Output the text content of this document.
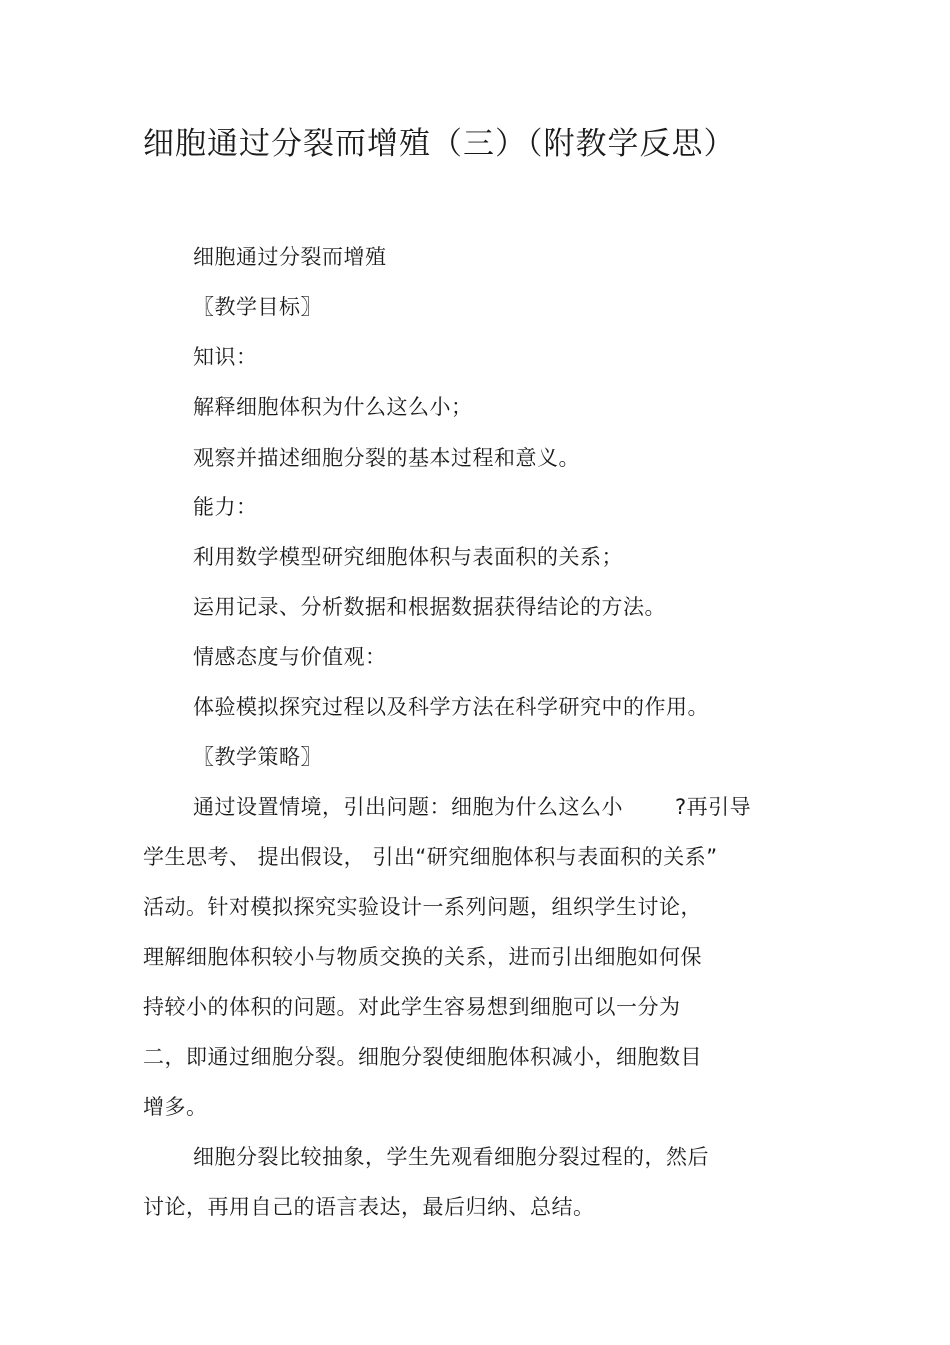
细胞通过分裂而增殖（三）（附教学反思）
细胞通过分裂而增殖
〖教学目标〗
知识：
解释细胞体积为什么这么小；
观察并描述细胞分裂的基本过程和意义。
能力：
利用数学模型研究细胞体积与表面积的关系；
运用记录、分析数据和根据数据获得结论的方法。
情感态度与价值观：
体验模拟探究过程以及科学方法在科学研究中的作用。
〖教学策略〗
通过设置情境，引出问题：细胞为什么这么小 ?再引导
学生思考、 提出假设， 引出“研究细胞体积与表面积的关系”
活动。针对模拟探究实验设计一系列问题，组织学生讨论，
理解细胞体积较小与物质交换的关系，进而引出细胞如何保
持较小的体积的问题。对此学生容易想到细胞可以一分为
二，即通过细胞分裂。细胞分裂使细胞体积减小，细胞数目
增多。
细胞分裂比较抽象，学生先观看细胞分裂过程的，然后
讨论，再用自己的语言表达，最后归纳、总结。
